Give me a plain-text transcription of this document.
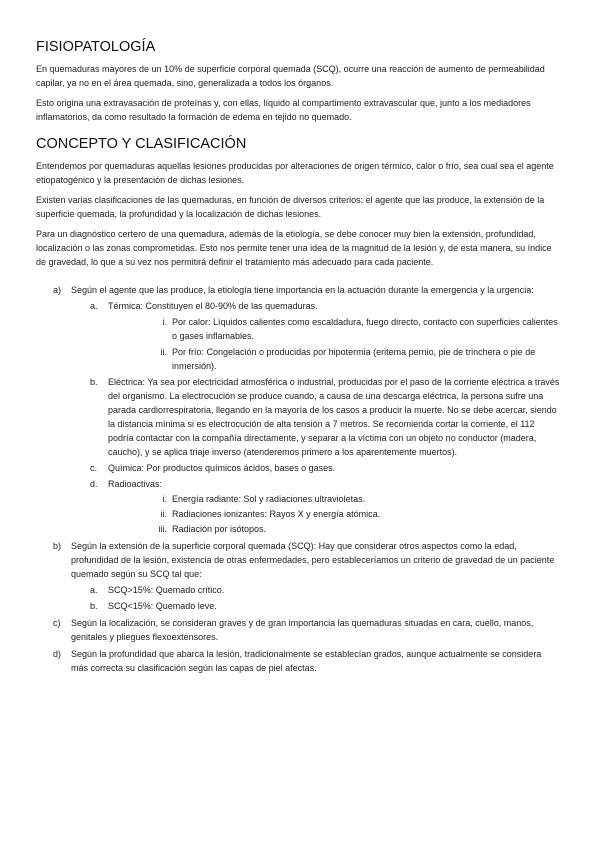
FISIOPATOLOGÍA

En quemaduras mayores de un 10% de superficie corporal quemada (SCQ), ocurre una reacción de aumento de permeabilidad capilar, ya no en el área quemada, sino, generalizada a todos los órganos.

Esto origina una extravasación de proteínas y, con ellas, líquido al compartimento extravascular que, junto a los mediadores inflamatorios, da como resultado la formación de edema en tejido no quemado.

CONCEPTO Y CLASIFICACIÓN

Entendemos por quemaduras aquellas lesiones producidas por alteraciones de origen térmico, calor o frío, sea cual sea el agente etiopatogénico y la presentación de dichas lesiones.

Existen varias clasificaciones de las quemaduras, en función de diversos criterios: el agente que las produce, la extensión de la superficie quemada, la profundidad y la localización de dichas lesiones.

Para un diagnóstico certero de una quemadura, además de la etiología, se debe conocer muy bien la extensión, profundidad, localización o las zonas comprometidas. Esto nos permite tener una idea de la magnitud de la lesión y, de esta manera, su índice de gravedad, lo que a su vez nos permitirá definir el tratamiento más adecuado para cada paciente.

a) Según el agente que las produce, la etiología tiene importancia en la actuación durante la emergencia y la urgencia:
a. Térmica: Constituyen el 80-90% de las quemaduras.
i. Por calor: Líquidos calientes como escaldadura, fuego directo, contacto con superficies calientes o gases inflamables.
ii. Por frío: Congelación o producidas por hipotermia (eritema pernio, pie de trinchera o pie de inmersión).
b. Eléctrica: Ya sea por electricidad atmosférica o industrial, producidas por el paso de la corriente eléctrica a través del organismo. La electrocución se produce cuando, a causa de una descarga eléctrica, la persona sufre una parada cardiorrespiratoria, llegando en la mayoría de los casos a producir la muerte. No se debe acercar, siendo la distancia mínima si es electrocución de alta tensión a 7 metros. Se recomienda cortar la corriente, el 112 podría contactar con la compañía directamente, y separar a la víctima con un objeto no conductor (madera, caucho), y se aplica triaje inverso (atenderemos primero a los aparentemente muertos).
c. Química: Por productos químicos ácidos, bases o gases.
d. Radioactivas:
i. Energía radiante: Sol y radiaciones ultravioletas.
ii. Radiaciones ionizantes: Rayos X y energía atómica.
iii. Radiación por isótopos.
b) Según la extensión de la superficie corporal quemada (SCQ): Hay que considerar otros aspectos como la edad, profundidad de la lesión, existencia de otras enfermedades, pero estableceríamos un criterio de gravedad de un paciente quemado según su SCQ tal que:
a. SCQ>15%: Quemado crítico.
b. SCQ<15%: Quemado leve.
c) Según la localización, se consideran graves y de gran importancia las quemaduras situadas en cara, cuello, manos, genitales y pliegues flexoextensores.
d) Según la profundidad que abarca la lesión, tradicionalmente se establecían grados, aunque actualmente se considera más correcta su clasificación según las capas de piel afectas.
